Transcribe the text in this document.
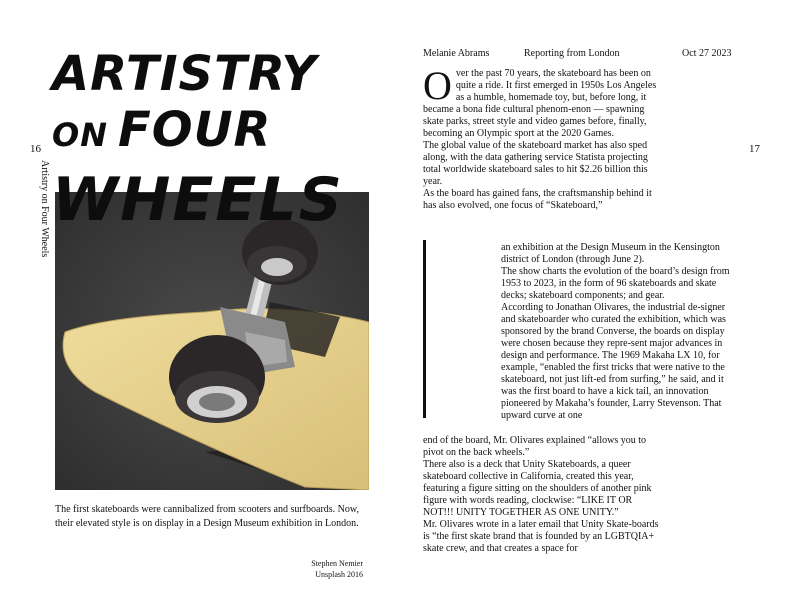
16
Artistry on Four Wheels
ARTISTRY
ON FOUR
WHEELS
The first skateboards were cannibalized from scooters and surfboards. Now, their elevated style is on display in a Design Museum exhibition in London.
Stephen Nemier
Unsplash 2016
Melanie Abrams	Reporting from London	Oct 27 2023
17

Over the past 70 years, the skateboard has been on quite a ride. It first emerged in 1950s Los Angeles as a humble, homemade toy, but, before long, it became a bona fide cultural phenom-enon — spawning skate parks, street style and video games before, finally, becoming an Olympic sport at the 2020 Games.

The global value of the skateboard market has also sped along, with the data gathering service Statista projecting total worldwide skateboard sales to hit $2.26 billion this year.

As the board has gained fans, the craftsmanship behind it has also evolved, one focus of “Skateboard,”

an exhibition at the Design Museum in the Kensington district of London (through June 2).

The show charts the evolution of the board’s design from 1953 to 2023, in the form of 96 skateboards and skate decks; skateboard components; and gear.

According to Jonathan Olivares, the industrial de-signer and skateboarder who curated the exhibition, which was sponsored by the brand Converse, the boards on display were chosen because they repre-sent major advances in design and performance. The 1969 Makaha LX 10, for example, “enabled the first tricks that were native to the skateboard, not just lift-ed from surfing,” he said, and it was the first board to have a kick tail, an innovation pioneered by Makaha’s founder, Larry Stevenson. That upward curve at one

end of the board, Mr. Olivares explained “allows you to pivot on the back wheels.”

There also is a deck that Unity Skateboards, a queer skateboard collective in California, created this year, featuring a figure sitting on the shoulders of another pink figure with words reading, clockwise: “LIKE IT OR NOT!!! UNITY TOGETHER AS ONE UNITY.”

Mr. Olivares wrote in a later email that Unity Skate-boards is “the first skate brand that is founded by an LGBTQIA+ skate crew, and that creates a space for
